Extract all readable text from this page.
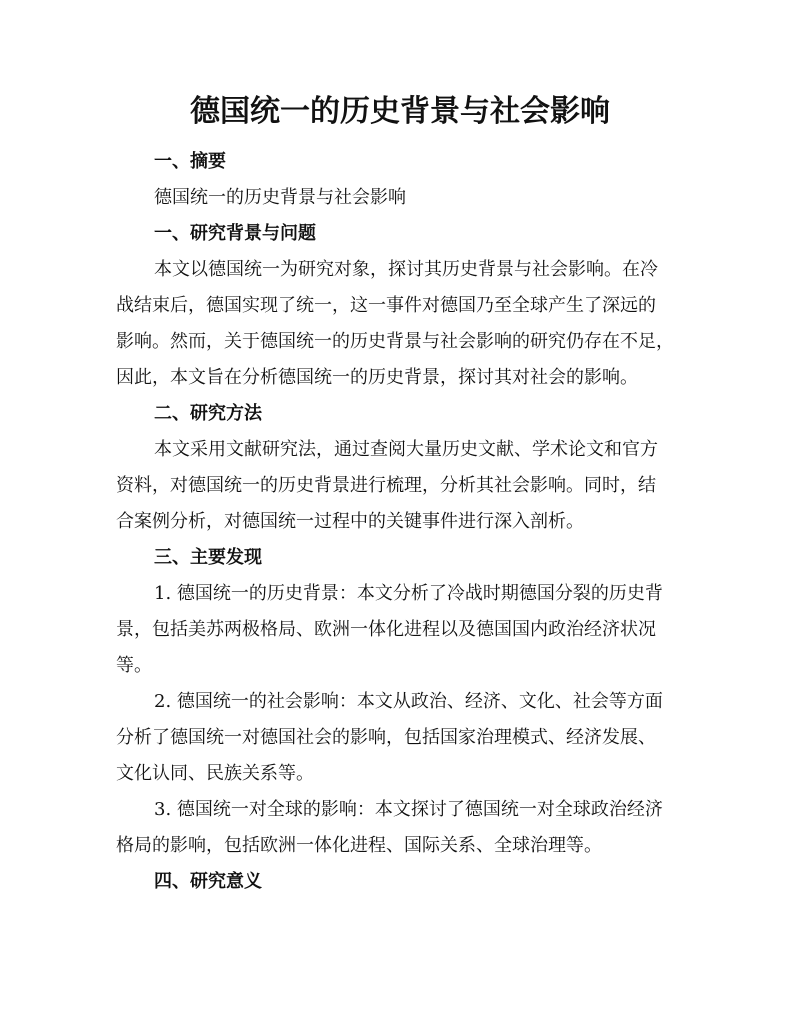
德国统一的历史背景与社会影响
一、摘要
德国统一的历史背景与社会影响
一、研究背景与问题
本文以德国统一为研究对象，探讨其历史背景与社会影响。在冷
战结束后，德国实现了统一，这一事件对德国乃至全球产生了深远的
影响。然而，关于德国统一的历史背景与社会影响的研究仍存在不足，
因此，本文旨在分析德国统一的历史背景，探讨其对社会的影响。
二、研究方法
本文采用文献研究法，通过查阅大量历史文献、学术论文和官方
资料，对德国统一的历史背景进行梳理，分析其社会影响。同时，结
合案例分析，对德国统一过程中的关键事件进行深入剖析。
三、主要发现
1. 德国统一的历史背景：本文分析了冷战时期德国分裂的历史背
景，包括美苏两极格局、欧洲一体化进程以及德国国内政治经济状况
等。
2. 德国统一的社会影响：本文从政治、经济、文化、社会等方面
分析了德国统一对德国社会的影响，包括国家治理模式、经济发展、
文化认同、民族关系等。
3. 德国统一对全球的影响：本文探讨了德国统一对全球政治经济
格局的影响，包括欧洲一体化进程、国际关系、全球治理等。
四、研究意义
